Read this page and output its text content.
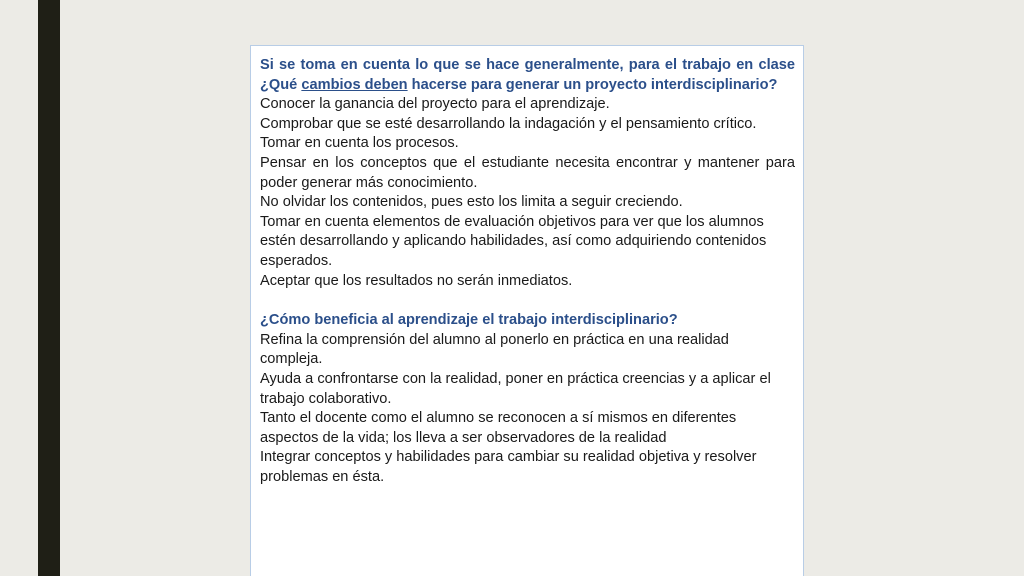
Si se toma en cuenta lo que se hace generalmente, para el trabajo en clase ¿Qué cambios deben hacerse para generar un proyecto interdisciplinario?

Conocer la ganancia del proyecto para el aprendizaje.

Comprobar que se esté desarrollando la indagación y el pensamiento crítico.

Tomar en cuenta los procesos.

Pensar en los conceptos que el estudiante necesita encontrar y mantener para poder generar más conocimiento.

No olvidar los contenidos, pues esto los limita a seguir creciendo.

Tomar en cuenta elementos de evaluación objetivos para ver que los alumnos estén desarrollando y aplicando habilidades, así como adquiriendo contenidos esperados.

Aceptar que los resultados no serán inmediatos.

¿Cómo beneficia al aprendizaje el trabajo interdisciplinario?

Refina la comprensión del alumno al ponerlo en práctica en una realidad compleja.

Ayuda a confrontarse con la realidad, poner en práctica creencias y a aplicar el trabajo colaborativo.

Tanto el docente como el alumno se reconocen a sí mismos en diferentes aspectos de la vida; los lleva a ser observadores de la realidad

Integrar conceptos y habilidades para cambiar su realidad objetiva y resolver problemas en ésta.
